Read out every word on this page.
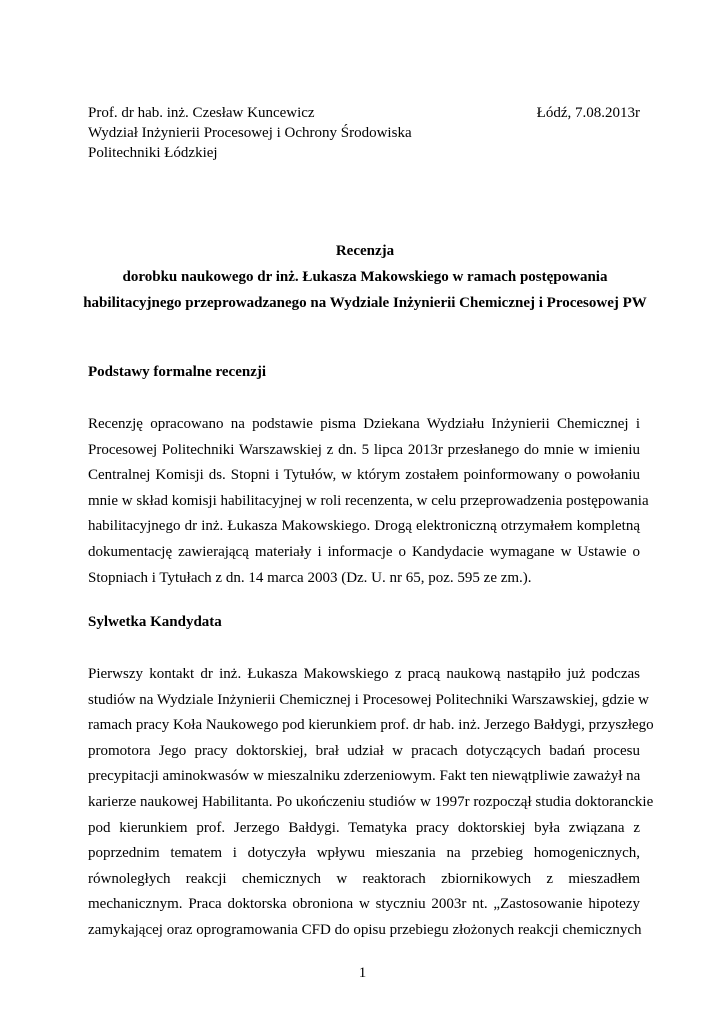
Prof. dr hab. inż. Czesław Kuncewicz	Łódź, 7.08.2013r
Wydział Inżynierii Procesowej i Ochrony Środowiska
Politechniki Łódzkiej
Recenzja
dorobku naukowego dr inż. Łukasza Makowskiego w ramach postępowania
habilitacyjnego przeprowadzanego na Wydziale Inżynierii Chemicznej i Procesowej PW
Podstawy formalne recenzji
Recenzję opracowano na podstawie pisma Dziekana Wydziału Inżynierii Chemicznej i
Procesowej Politechniki Warszawskiej z dn. 5 lipca 2013r przesłanego do mnie w imieniu
Centralnej Komisji ds. Stopni i Tytułów, w którym zostałem poinformowany o powołaniu
mnie w skład komisji habilitacyjnej w roli recenzenta, w celu przeprowadzenia postępowania
habilitacyjnego dr inż. Łukasza Makowskiego. Drogą elektroniczną otrzymałem kompletną
dokumentację zawierającą materiały i informacje o Kandydacie wymagane w Ustawie o
Stopniach i Tytułach z dn. 14 marca 2003 (Dz. U. nr 65, poz. 595 ze zm.).
Sylwetka Kandydata
Pierwszy kontakt dr inż. Łukasza Makowskiego z pracą naukową nastąpiło już podczas
studiów na Wydziale Inżynierii Chemicznej i Procesowej Politechniki Warszawskiej, gdzie w
ramach pracy Koła Naukowego pod kierunkiem prof. dr hab. inż. Jerzego Bałdygi, przyszłego
promotora Jego pracy doktorskiej, brał udział w pracach dotyczących badań procesu
precypitacji aminokwasów w mieszalniku zderzeniowym. Fakt ten niewątpliwie zaważył na
karierze naukowej Habilitanta. Po ukończeniu studiów w 1997r rozpoczął studia doktoranckie
pod kierunkiem prof. Jerzego Bałdygi. Tematyka pracy doktorskiej była związana z
poprzednim tematem i dotyczyła wpływu mieszania na przebieg homogenicznych,
równoległych reakcji chemicznych w reaktorach zbiornikowych z mieszadłem
mechanicznym. Praca doktorska obroniona w styczniu 2003r nt. „Zastosowanie hipotezy
zamykającej oraz oprogramowania CFD do opisu przebiegu złożonych reakcji chemicznych
1
